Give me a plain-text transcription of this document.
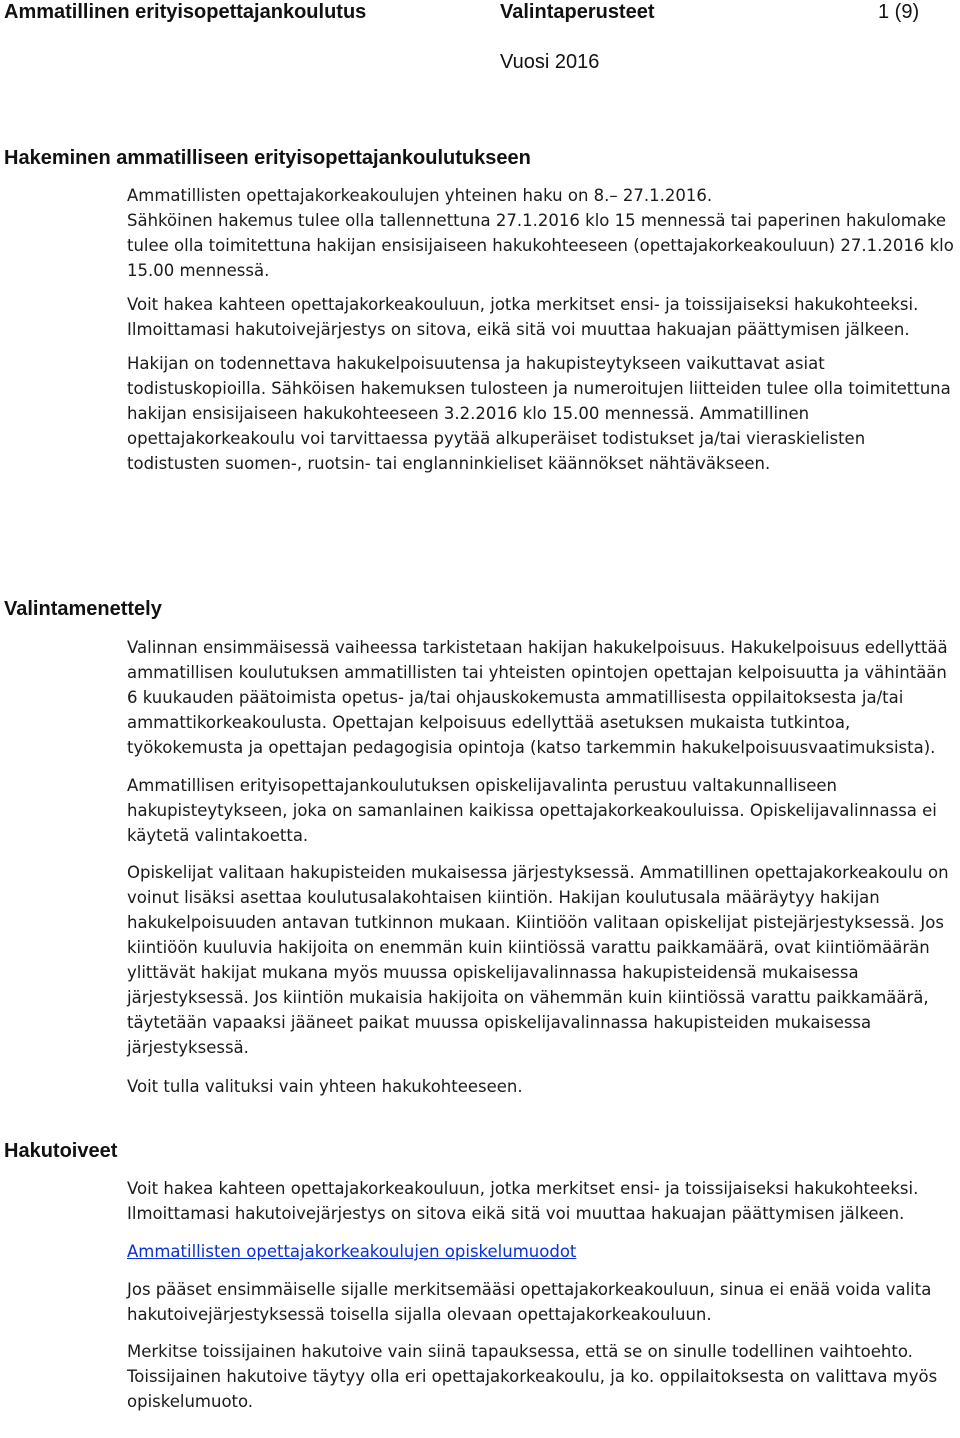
Ammatillinen erityisopettajankoulutus	Valintaperusteet	1 (9)
Vuosi 2016
Hakeminen ammatilliseen erityisopettajankoulutukseen

Ammatillisten opettajakorkeakoulujen yhteinen haku on 8.– 27.1.2016.

Sähköinen hakemus tulee olla tallennettuna 27.1.2016 klo 15 mennessä tai paperinen hakulomake tulee olla toimitettuna hakijan ensisijaiseen hakukohteeseen (opettajakorkeakouluun) 27.1.2016 klo 15.00 mennessä.

Voit hakea kahteen opettajakorkeakouluun, jotka merkitset ensi- ja toissijaiseksi hakukohteeksi. Ilmoittamasi hakutoivejärjestys on sitova, eikä sitä voi muuttaa hakuajan päättymisen jälkeen.

Hakijan on todennettava hakukelpoisuutensa ja hakupisteytykseen vaikuttavat asiat todistuskopioilla. Sähköisen hakemuksen tulosteen ja numeroitujen liitteiden tulee olla toimitettuna hakijan ensisijaiseen hakukohteeseen 3.2.2016 klo 15.00 mennessä. Ammatillinen opettajakorkeakoulu voi tarvittaessa pyytää alkuperäiset todistukset ja/tai vieraskielisten todistusten suomen-, ruotsin- tai englanninkieliset käännökset nähtäväkseen.

Valintamenettely

Valinnan ensimmäisessä vaiheessa tarkistetaan hakijan hakukelpoisuus. Hakukelpoisuus edellyttää ammatillisen koulutuksen ammatillisten tai yhteisten opintojen opettajan kelpoisuutta ja vähintään 6 kuukauden päätoimista opetus- ja/tai ohjauskokemusta ammatillisesta oppilaitoksesta ja/tai ammattikorkeakoulusta. Opettajan kelpoisuus edellyttää asetuksen mukaista tutkintoa, työkokemusta ja opettajan pedagogisia opintoja (katso tarkemmin hakukelpoisuusvaatimuksista).

Ammatillisen erityisopettajankoulutuksen opiskelijavalinta perustuu valtakunnalliseen hakupisteytykseen, joka on samanlainen kaikissa opettajakorkeakouluissa. Opiskelijavalinnassa ei käytetä valintakoetta.

Opiskelijat valitaan hakupisteiden mukaisessa järjestyksessä. Ammatillinen opettajakorkeakoulu on voinut lisäksi asettaa koulutusalakohtaisen kiintiön. Hakijan koulutusala määräytyy hakijan hakukelpoisuuden antavan tutkinnon mukaan. Kiintiöön valitaan opiskelijat pistejärjestyksessä. Jos kiintiöön kuuluvia hakijoita on enemmän kuin kiintiössä varattu paikkamäärä, ovat kiintiömäärän ylittävät hakijat mukana myös muussa opiskelijavalinnassa hakupisteidensä mukaisessa järjestyksessä. Jos kiintiön mukaisia hakijoita on vähemmän kuin kiintiössä varattu paikkamäärä, täytetään vapaaksi jääneet paikat muussa opiskelijavalinnassa hakupisteiden mukaisessa järjestyksessä.

Voit tulla valituksi vain yhteen hakukohteeseen.

Hakutoiveet

Voit hakea kahteen opettajakorkeakouluun, jotka merkitset ensi- ja toissijaiseksi hakukohteeksi. Ilmoittamasi hakutoivejärjestys on sitova eikä sitä voi muuttaa hakuajan päättymisen jälkeen.

Ammatillisten opettajakorkeakoulujen opiskelumuodot

Jos pääset ensimmäiselle sijalle merkitsemääsi opettajakorkeakouluun, sinua ei enää voida valita hakutoivejärjestyksessä toisella sijalla olevaan opettajakorkeakouluun.

Merkitse toissijainen hakutoive vain siinä tapauksessa, että se on sinulle todellinen vaihtoehto. Toissijainen hakutoive täytyy olla eri opettajakorkeakoulu, ja ko. oppilaitoksesta on valittava myös opiskelumuoto.
